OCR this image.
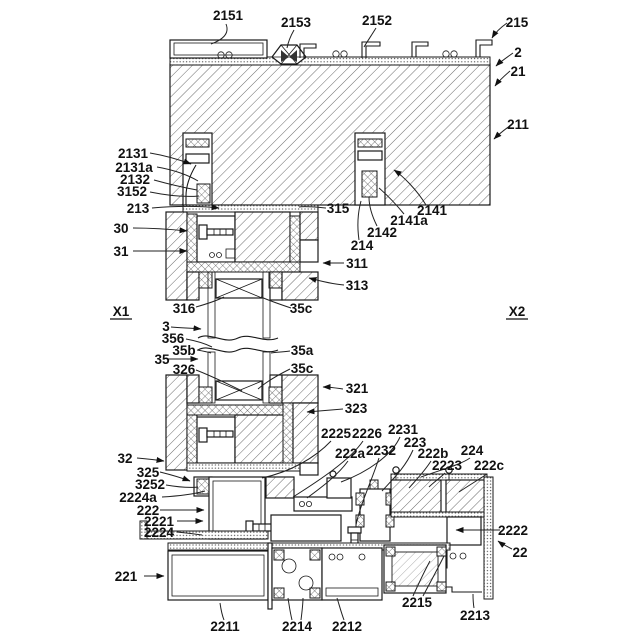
2151	2153	2152	215
2
21
211
2131
2131a
2132
3152
213
30
31
315
2142
214
2141a
2141
311
313
316	35c
3
356
35b
35
326
35a
35c
321
323
32
325
3252
2224a
222
2221
2224
221
2225 2226 2231
223
222a 2232 222b
2223
224
222c
2222
22
2215
2213
2211	2214 2212
X1	X2
